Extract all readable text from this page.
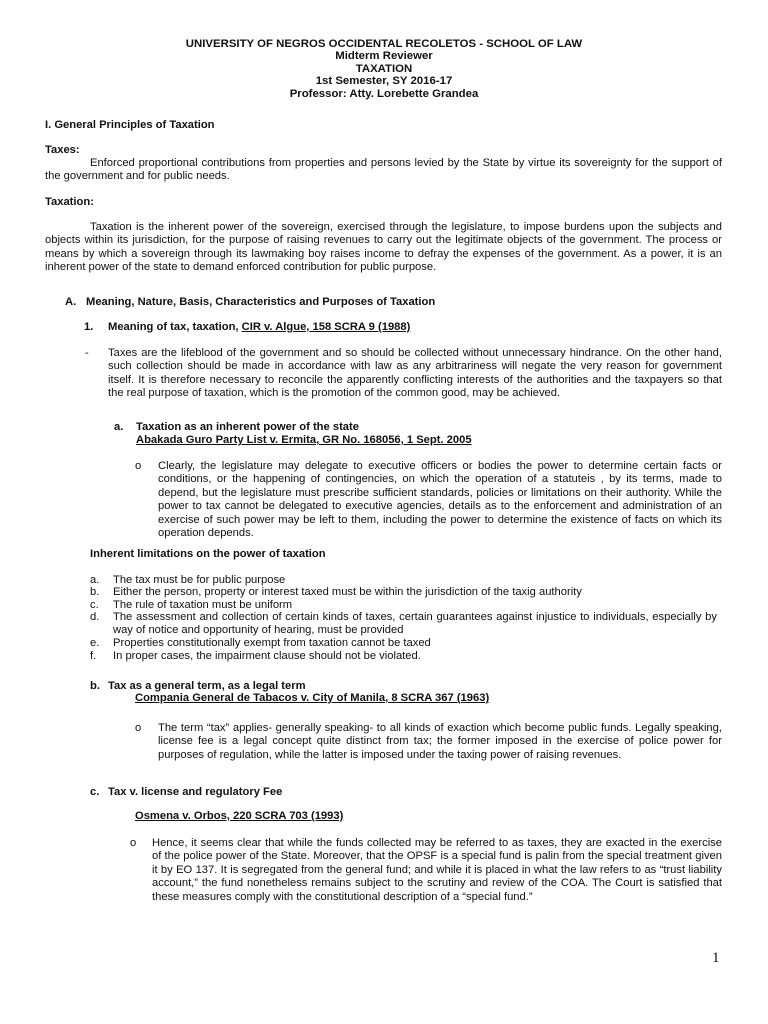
UNIVERSITY OF NEGROS OCCIDENTAL RECOLETOS - SCHOOL OF LAW
Midterm Reviewer
TAXATION
1st Semester, SY 2016-17
Professor: Atty. Lorebette Grandea
I. General Principles of Taxation
Taxes:
Enforced proportional contributions from properties and persons levied by the State by virtue its sovereignty for the support of the government and for public needs.
Taxation:
Taxation is the inherent power of the sovereign, exercised through the legislature, to impose burdens upon the subjects and objects within its jurisdiction, for the purpose of raising revenues to carry out the legitimate objects of the government. The process or means by which a sovereign through its lawmaking boy raises income to defray the expenses of the government. As a power, it is an inherent power of the state to demand enforced contribution for public purpose.
A. Meaning, Nature, Basis, Characteristics and Purposes of Taxation
1. Meaning of tax, taxation, CIR v. Algue, 158 SCRA 9 (1988)
- Taxes are the lifeblood of the government and so should be collected without unnecessary hindrance. On the other hand, such collection should be made in accordance with law as any arbitrariness will negate the very reason for government itself. It is therefore necessary to reconcile the apparently conflicting interests of the authorities and the taxpayers so that the real purpose of taxation, which is the promotion of the common good, may be achieved.
a. Taxation as an inherent power of the state
Abakada Guro Party List v. Ermita, GR No. 168056, 1 Sept. 2005
o Clearly, the legislature may delegate to executive officers or bodies the power to determine certain facts or conditions, or the happening of contingencies, on which the operation of a statuteis , by its terms, made to depend, but the legislature must prescribe sufficient standards, policies or limitations on their authority. While the power to tax cannot be delegated to executive agencies, details as to the enforcement and administration of an exercise of such power may be left to them, including the power to determine the existence of facts on which its operation depends.
Inherent limitations on the power of taxation
a. The tax must be for public purpose
b. Either the person, property or interest taxed must be within the jurisdiction of the taxig authority
c. The rule of taxation must be uniform
d. The assessment and collection of certain kinds of taxes, certain guarantees against injustice to individuals, especially by way of notice and opportunity of hearing, must be provided
e. Properties constitutionally exempt from taxation cannot be taxed
f. In proper cases, the impairment clause should not be violated.
b. Tax as a general term, as a legal term
Compania General de Tabacos v. City of Manila, 8 SCRA 367 (1963)
o The term “tax” applies- generally speaking- to all kinds of exaction which become public funds. Legally speaking, license fee is a legal concept quite distinct from tax; the former imposed in the exercise of police power for purposes of regulation, while the latter is imposed under the taxing power of raising revenues.
c. Tax v. license and regulatory Fee
Osmena v. Orbos, 220 SCRA 703 (1993)
o Hence, it seems clear that while the funds collected may be referred to as taxes, they are exacted in the exercise of the police power of the State. Moreover, that the OPSF is a special fund is palin from the special treatment given it by EO 137. It is segregated from the general fund; and while it is placed in what the law refers to as “trust liability account,” the fund nonetheless remains subject to the scrutiny and review of the COA. The Court is satisfied that these measures comply with the constitutional description of a “special fund.”
1
